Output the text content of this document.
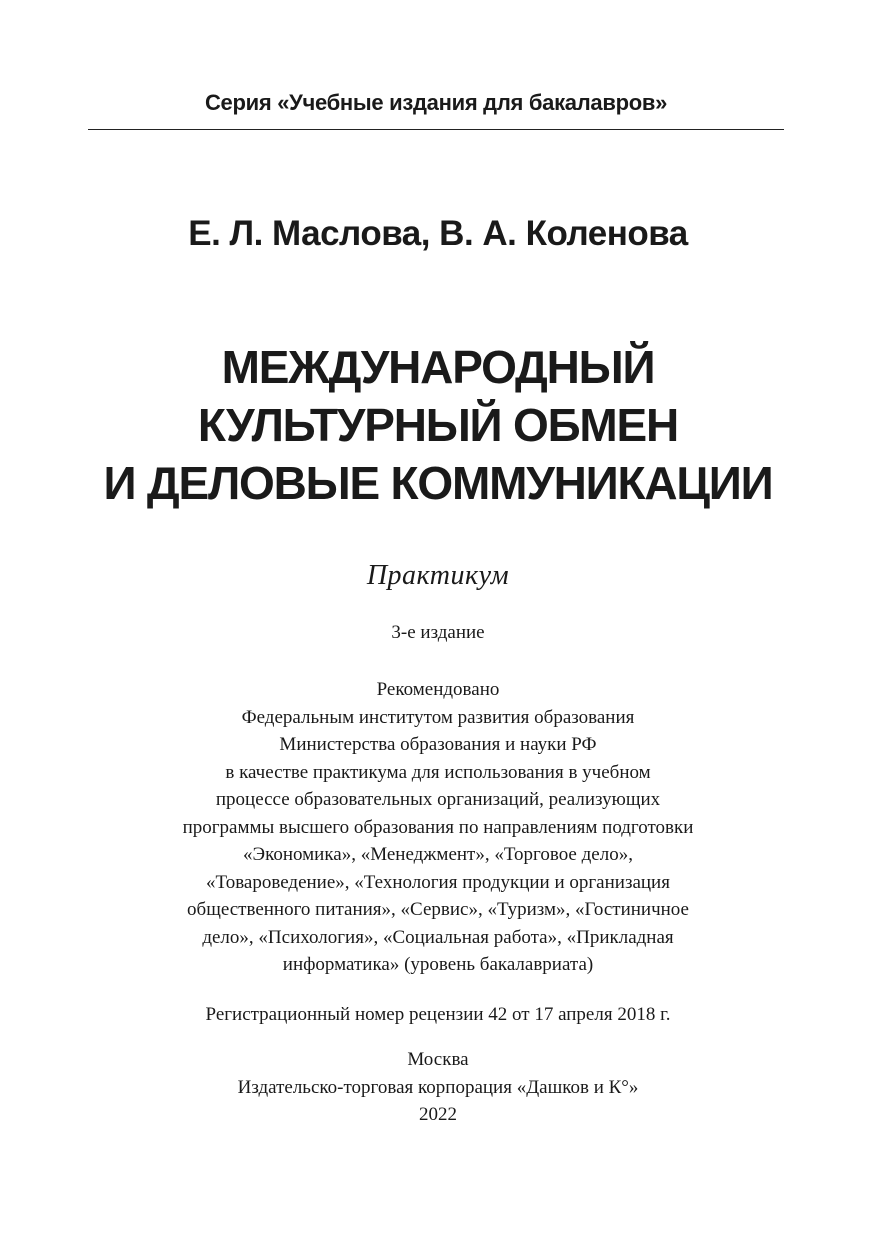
Серия «Учебные издания для бакалавров»
Е. Л. Маслова, В. А. Коленова
МЕЖДУНАРОДНЫЙ
КУЛЬТУРНЫЙ ОБМЕН
И ДЕЛОВЫЕ КОММУНИКАЦИИ
Практикум
3-е издание
Рекомендовано
Федеральным институтом развития образования
Министерства образования и науки РФ
в качестве практикума для использования в учебном
процессе образовательных организаций, реализующих
программы высшего образования по направлениям подготовки
«Экономика», «Менеджмент», «Торговое дело»,
«Товароведение», «Технология продукции и организация
общественного питания», «Сервис», «Туризм», «Гостиничное
дело», «Психология», «Социальная работа», «Прикладная
информатика» (уровень бакалавриата)
Регистрационный номер рецензии 42 от 17 апреля 2018 г.
Москва
Издательско-торговая корпорация «Дашков и К°»
2022
